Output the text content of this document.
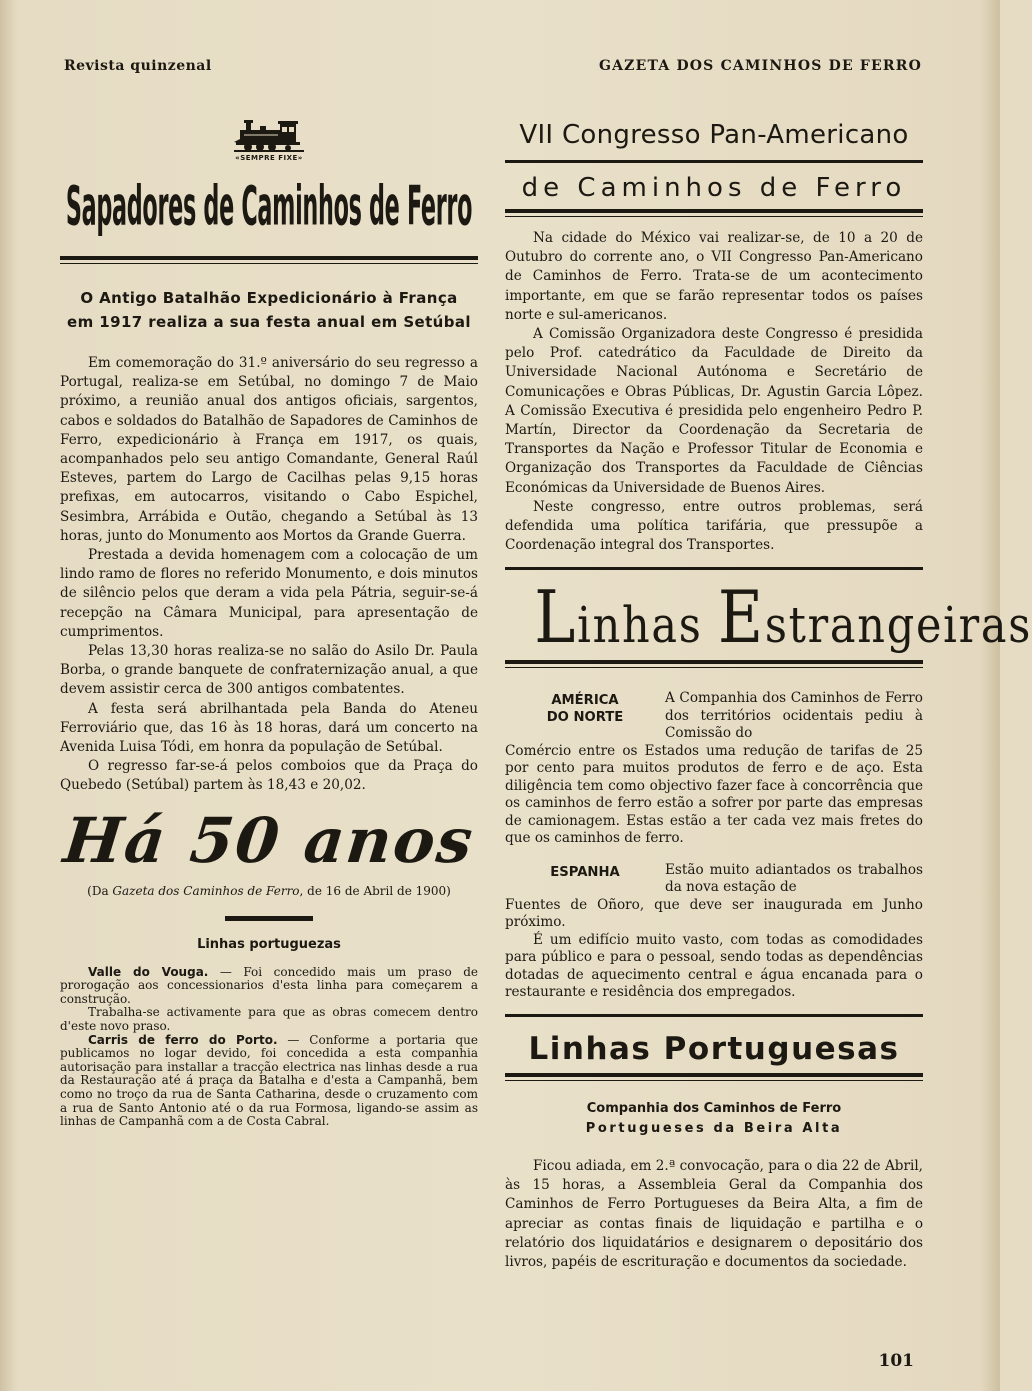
Revista quinzenal	GAZETA DOS CAMINHOS DE FERRO
«SEMPRE FIXE»
Sapadores de Caminhos de Ferro
O Antigo Batalhão Expedicionário à França
em 1917 realiza a sua festa anual em Setúbal

Em comemoração do 31.º aniversário do seu regresso a Portugal, realiza-se em Setúbal, no domingo 7 de Maio próximo, a reunião anual dos antigos oficiais, sargentos, cabos e soldados do Batalhão de Sapadores de Caminhos de Ferro, expedicionário à França em 1917, os quais, acompanhados pelo seu antigo Comandante, General Raúl Esteves, partem do Largo de Cacilhas pelas 9,15 horas prefixas, em autocarros, visitando o Cabo Espichel, Sesimbra, Arrábida e Outão, chegando a Setúbal às 13 horas, junto do Monumento aos Mortos da Grande Guerra.

Prestada a devida homenagem com a colocação de um lindo ramo de flores no referido Monumento, e dois minutos de silêncio pelos que deram a vida pela Pátria, seguir-se-á recepção na Câmara Municipal, para apresentação de cumprimentos.

Pelas 13,30 horas realiza-se no salão do Asilo Dr. Paula Borba, o grande banquete de confraternização anual, a que devem assistir cerca de 300 antigos combatentes.

A festa será abrilhantada pela Banda do Ateneu Ferroviário que, das 16 às 18 horas, dará um concerto na Avenida Luisa Tódi, em honra da população de Setúbal.

O regresso far-se-á pelos comboios que da Praça do Quebedo (Setúbal) partem às 18,43 e 20,02.

Há 50 anos
(Da Gazeta dos Caminhos de Ferro, de 16 de Abril de 1900)
Linhas portuguezas

Valle do Vouga. — Foi concedido mais um praso de prorogação aos concessionarios d'esta linha para começarem a construção.

Trabalha-se activamente para que as obras comecem dentro d'este novo praso.

Carris de ferro do Porto. — Conforme a portaria que publicamos no logar devido, foi concedida a esta companhia autorisação para installar a tracção electrica nas linhas desde a rua da Restauração até á praça da Batalha e d'esta a Campanhã, bem como no troço da rua de Santa Catharina, desde o cruzamento com a rua de Santo Antonio até o da rua Formosa, ligando-se assim as linhas de Campanhã com a de Costa Cabral.

VII Congresso Pan-Americano
de Caminhos de Ferro

Na cidade do México vai realizar-se, de 10 a 20 de Outubro do corrente ano, o VII Congresso Pan-Americano de Caminhos de Ferro. Trata-se de um acontecimento importante, em que se farão representar todos os países norte e sul-americanos.

A Comissão Organizadora deste Congresso é presidida pelo Prof. catedrático da Faculdade de Direito da Universidade Nacional Autónoma e Secretário de Comunicações e Obras Públicas, Dr. Agustin Garcia Lôpez. A Comissão Executiva é presidida pelo engenheiro Pedro P. Martín, Director da Coordenação da Secretaria de Transportes da Nação e Professor Titular de Economia e Organização dos Transportes da Faculdade de Ciências Económicas da Universidade de Buenos Aires.

Neste congresso, entre outros problemas, será defendida uma política tarifária, que pressupõe a Coordenação integral dos Transportes.

Linhas Estrangeiras
AMÉRICA
DO NORTE
A Companhia dos Caminhos de Ferro dos territórios ocidentais pediu à Comissão do
Comércio entre os Estados uma redução de tarifas de 25 por cento para muitos produtos de ferro e de aço. Esta diligência tem como objectivo fazer face à concorrência que os caminhos de ferro estão a sofrer por parte das empresas de camionagem. Estas estão a ter cada vez mais fretes do que os caminhos de ferro.
ESPANHA	Estão muito adiantados os trabalhos da nova estação de
Fuentes de Oñoro, que deve ser inaugurada em Junho próximo.

É um edifício muito vasto, com todas as comodidades para público e para o pessoal, sendo todas as dependências dotadas de aquecimento central e água encanada para o restaurante e residência dos empregados.

Linhas Portuguesas
Companhia dos Caminhos de Ferro
Portugueses da Beira Alta

Ficou adiada, em 2.ª convocação, para o dia 22 de Abril, às 15 horas, a Assembleia Geral da Companhia dos Caminhos de Ferro Portugueses da Beira Alta, a fim de apreciar as contas finais de liquidação e partilha e o relatório dos liquidatários e designarem o depositário dos livros, papéis de escrituração e documentos da sociedade.

101
